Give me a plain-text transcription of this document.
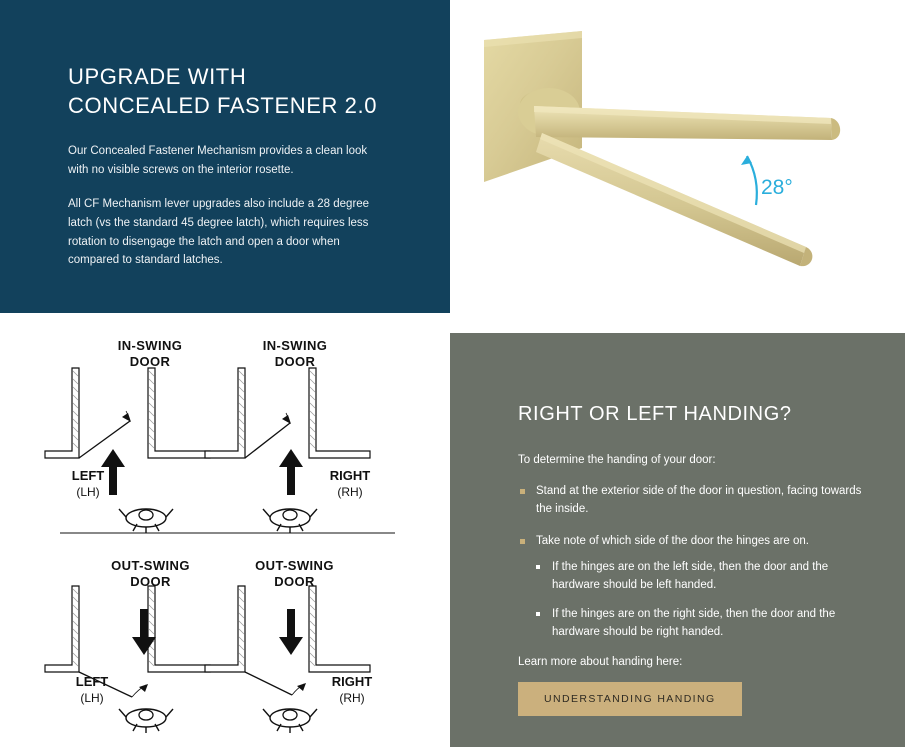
UPGRADE WITH CONCEALED FASTENER 2.0

Our Concealed Fastener Mechanism provides a clean look with no visible screws on the interior rosette.

All CF Mechanism lever upgrades also include a 28 degree latch (vs the standard 45 degree latch), which requires less rotation to disengage the latch and open a door when compared to standard latches.

28°
IN-SWING
DOOR
IN-SWING
DOOR
OUT-SWING
DOOR
OUT-SWING
DOOR
LEFT
(LH)
RIGHT
(RH)
LEFT
(LH)
RIGHT
(RH)
RIGHT OR LEFT HANDING?

To determine the handing of your door:

Stand at the exterior side of the door in question, facing towards the inside.
Take note of which side of the door the hinges are on.
If the hinges are on the left side, then the door and the hardware should be left handed.
If the hinges are on the right side, then the door and the hardware should be right handed.

Learn more about handing here:

UNDERSTANDING HANDING
